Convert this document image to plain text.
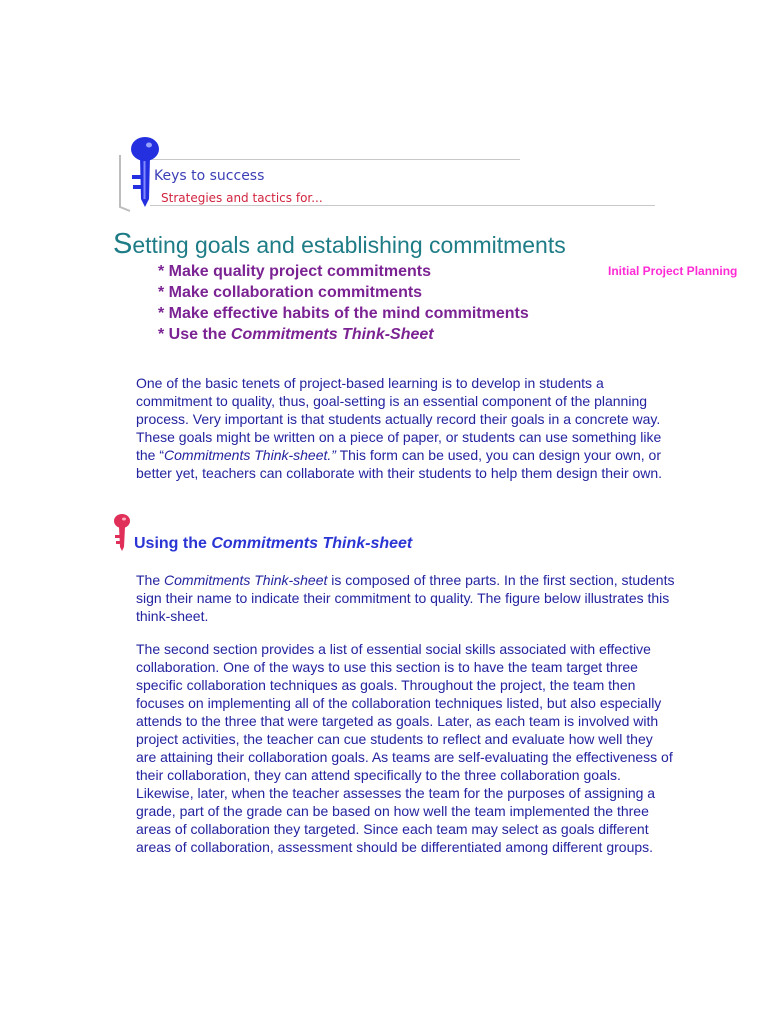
Keys to success
Strategies and tactics for...
Setting goals and establishing commitments
* Make quality project commitments
* Make collaboration commitments
* Make effective habits of the mind commitments
* Use the Commitments Think-Sheet
Initial Project Planning

One of the basic tenets of project-based learning is to develop in students a commitment to quality, thus, goal-setting is an essential component of the planning process. Very important is that students actually record their goals in a concrete way. These goals might be written on a piece of paper, or students can use something like the “Commitments Think-sheet.” This form can be used, you can design your own, or better yet, teachers can collaborate with their students to help them design their own.

Using the Commitments Think-sheet

The Commitments Think-sheet is composed of three parts. In the first section, students sign their name to indicate their commitment to quality. The figure below illustrates this think-sheet.

The second section provides a list of essential social skills associated with effective collaboration. One of the ways to use this section is to have the team target three specific collaboration techniques as goals. Throughout the project, the team then focuses on implementing all of the collaboration techniques listed, but also especially attends to the three that were targeted as goals. Later, as each team is involved with project activities, the teacher can cue students to reflect and evaluate how well they are attaining their collaboration goals. As teams are self-evaluating the effectiveness of their collaboration, they can attend specifically to the three collaboration goals. Likewise, later, when the teacher assesses the team for the purposes of assigning a grade, part of the grade can be based on how well the team implemented the three areas of collaboration they targeted. Since each team may select as goals different areas of collaboration, assessment should be differentiated among different groups.
